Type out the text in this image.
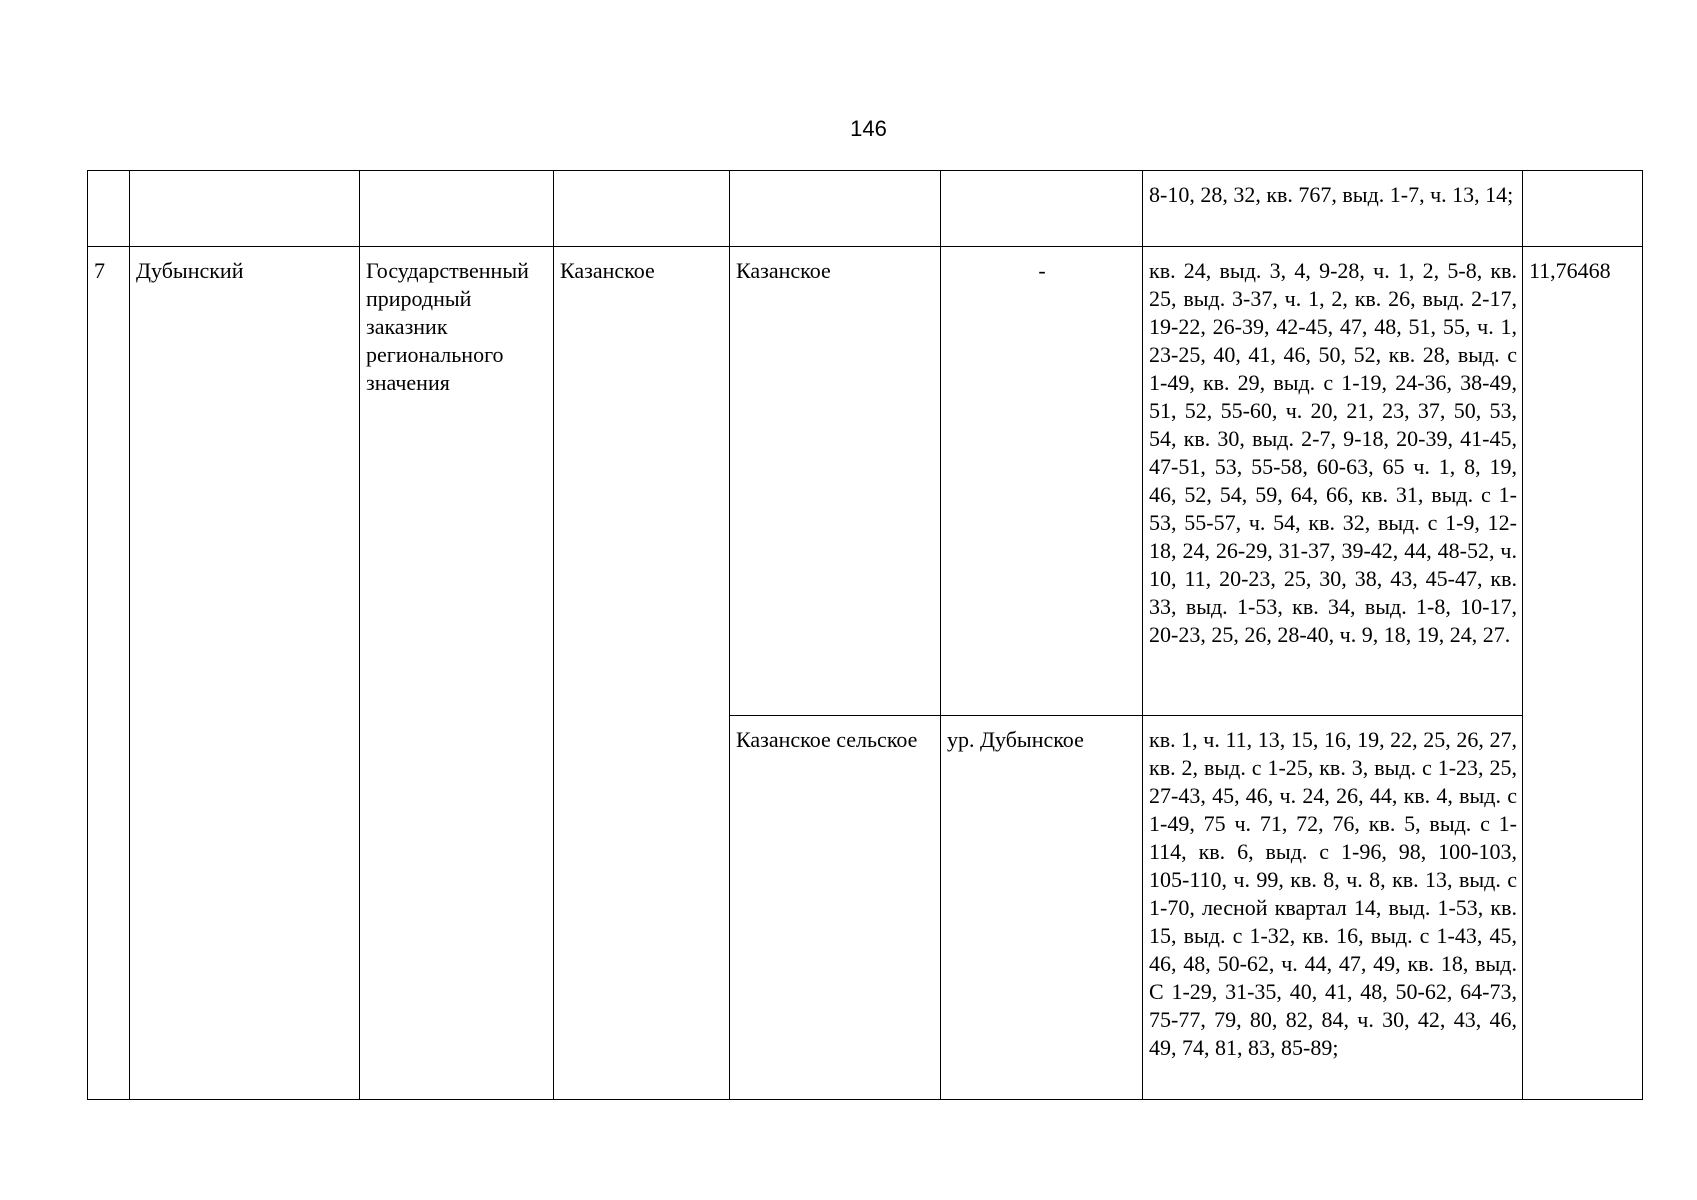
146
						8-10, 28, 32, кв. 767, выд. 1-7, ч. 13, 14;	
7	Дубынский	Государственный природный заказник регионального значения	Казанское	Казанское	-	кв. 24, выд. 3, 4, 9-28, ч. 1, 2, 5-8, кв. 25, выд. 3-37, ч. 1, 2, кв. 26, выд. 2-17, 19-22, 26-39, 42-45, 47, 48, 51, 55, ч. 1, 23-25, 40, 41, 46, 50, 52, кв. 28, выд. с 1-49, кв. 29, выд. с 1-19, 24-36, 38-49, 51, 52, 55-60, ч. 20, 21, 23, 37, 50, 53, 54, кв. 30, выд. 2-7, 9-18, 20-39, 41-45, 47-51, 53, 55-58, 60-63, 65 ч. 1, 8, 19, 46, 52, 54, 59, 64, 66, кв. 31, выд. с 1-53, 55-57, ч. 54, кв. 32, выд. с 1-9, 12-18, 24, 26-29, 31-37, 39-42, 44, 48-52, ч. 10, 11, 20-23, 25, 30, 38, 43, 45-47, кв. 33, выд. 1-53, кв. 34, выд. 1-8, 10-17, 20-23, 25, 26, 28-40, ч. 9, 18, 19, 24, 27.	11,76468
				Казанское сельское	ур. Дубынское	кв. 1, ч. 11, 13, 15, 16, 19, 22, 25, 26, 27, кв. 2, выд. с 1-25, кв. 3, выд. с 1-23, 25, 27-43, 45, 46, ч. 24, 26, 44, кв. 4, выд. с 1-49, 75 ч. 71, 72, 76, кв. 5, выд. с 1-114, кв. 6, выд. с 1-96, 98, 100-103, 105-110, ч. 99, кв. 8, ч. 8, кв. 13, выд. с 1-70, лесной квартал 14, выд. 1-53, кв. 15, выд. с 1-32, кв. 16, выд. с 1-43, 45, 46, 48, 50-62, ч. 44, 47, 49, кв. 18, выд. С 1-29, 31-35, 40, 41, 48, 50-62, 64-73, 75-77, 79, 80, 82, 84, ч. 30, 42, 43, 46, 49, 74, 81, 83, 85-89;	
